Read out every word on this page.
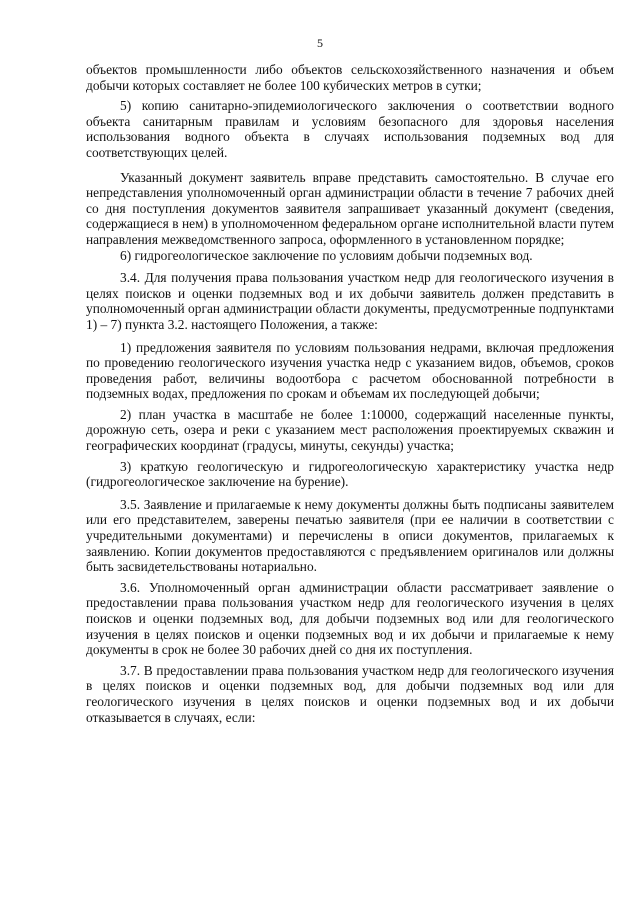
5

объектов промышленности либо объектов сельскохозяйственного назначения и объем добычи которых составляет не более 100 кубических метров в сутки;

5) копию санитарно-эпидемиологического заключения о соответствии водного объекта санитарным правилам и условиям безопасного для здоровья населения использования водного объекта в случаях использования подземных вод для соответствующих целей.

Указанный документ заявитель вправе представить самостоятельно. В случае его непредставления уполномоченный орган администрации области в течение 7 рабочих дней со дня поступления документов заявителя запрашивает указанный документ (сведения, содержащиеся в нем) в уполномоченном федеральном органе исполнительной власти путем направления межведомственного запроса, оформленного в установленном порядке;

6) гидрогеологическое заключение по условиям добычи подземных вод.

3.4. Для получения права пользования участком недр для геологического изучения в целях поисков и оценки подземных вод и их добычи заявитель должен представить в уполномоченный орган администрации области документы, предусмотренные подпунктами 1) – 7) пункта 3.2. настоящего Положения, а также:

1) предложения заявителя по условиям пользования недрами, включая предложения по проведению геологического изучения участка недр с указанием видов, объемов, сроков проведения работ, величины водоотбора с расчетом обоснованной потребности в подземных водах, предложения по срокам и объемам их последующей добычи;

2) план участка в масштабе не более 1:10000, содержащий населенные пункты, дорожную сеть, озера и реки с указанием мест расположения проектируемых скважин и географических координат (градусы, минуты, секунды) участка;

3) краткую геологическую и гидрогеологическую характеристику участка недр (гидрогеологическое заключение на бурение).

3.5. Заявление и прилагаемые к нему документы должны быть подписаны заявителем или его представителем, заверены печатью заявителя (при ее наличии в соответствии с учредительными документами) и перечислены в описи документов, прилагаемых к заявлению. Копии документов предоставляются с предъявлением оригиналов или должны быть засвидетельствованы нотариально.

3.6. Уполномоченный орган администрации области рассматривает заявление о предоставлении права пользования участком недр для геологического изучения в целях поисков и оценки подземных вод, для добычи подземных вод или для геологического изучения в целях поисков и оценки подземных вод и их добычи и прилагаемые к нему документы в срок не более 30 рабочих дней со дня их поступления.

3.7. В предоставлении права пользования участком недр для геологического изучения в целях поисков и оценки подземных вод, для добычи подземных вод или для геологического изучения в целях поисков и оценки подземных вод и их добычи отказывается в случаях, если:
